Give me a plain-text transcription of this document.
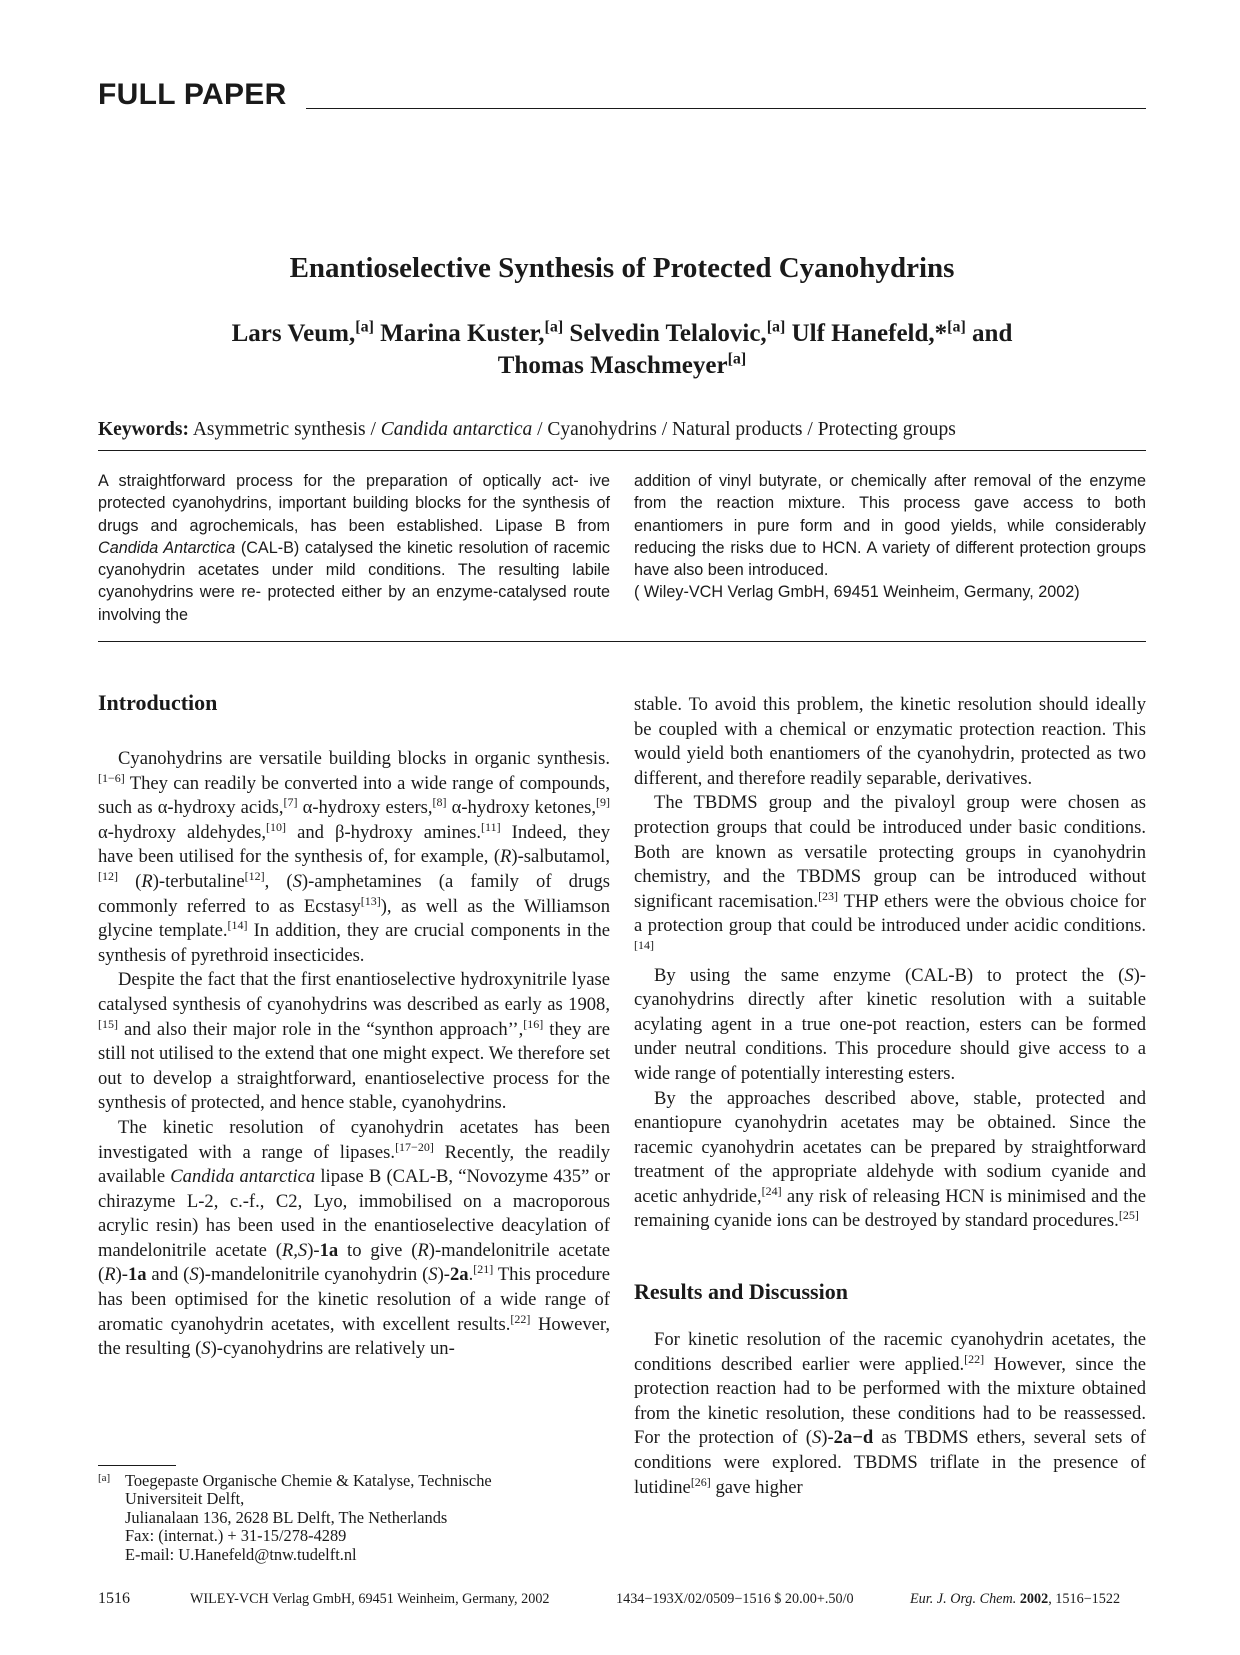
FULL PAPER
Enantioselective Synthesis of Protected Cyanohydrins
Lars Veum,[a] Marina Kuster,[a] Selvedin Telalovic,[a] Ulf Hanefeld,*[a] and
Thomas Maschmeyer[a]

Keywords: Asymmetric synthesis / Candida antarctica / Cyanohydrins / Natural products / Protecting groups

A straightforward process for the preparation of optically act- ive protected cyanohydrins, important building blocks for the synthesis of drugs and agrochemicals, has been established. Lipase B from Candida Antarctica (CAL-B) catalysed the kinetic resolution of racemic cyanohydrin acetates under mild conditions. The resulting labile cyanohydrins were re- protected either by an enzyme-catalysed route involving the

addition of vinyl butyrate, or chemically after removal of the enzyme from the reaction mixture. This process gave access to both enantiomers in pure form and in good yields, while considerably reducing the risks due to HCN. A variety of different protection groups have also been introduced.

( Wiley-VCH Verlag GmbH, 69451 Weinheim, Germany, 2002)

Introduction

Cyanohydrins are versatile building blocks in organic synthesis.[1−6] They can readily be converted into a wide range of compounds, such as α-hydroxy acids,[7] α-hydroxy esters,[8] α-hydroxy ketones,[9] α-hydroxy aldehydes,[10] and β-hydroxy amines.[11] Indeed, they have been utilised for the synthesis of, for example, (R)-salbutamol,[12] (R)-terbutaline[12], (S)-amphetamines (a family of drugs commonly referred to as Ecstasy[13]), as well as the Williamson glycine template.[14] In addition, they are crucial components in the synthesis of pyrethroid insecticides.

Despite the fact that the first enantioselective hydroxynitrile lyase catalysed synthesis of cyanohydrins was described as early as 1908,[15] and also their major role in the “synthon approach’’,[16] they are still not utilised to the extend that one might expect. We therefore set out to develop a straightforward, enantioselective process for the synthesis of protected, and hence stable, cyanohydrins.

The kinetic resolution of cyanohydrin acetates has been investigated with a range of lipases.[17−20] Recently, the readily available Candida antarctica lipase B (CAL-B, “Novozyme 435” or chirazyme L-2, c.-f., C2, Lyo, immobilised on a macroporous acrylic resin) has been used in the enantioselective deacylation of mandelonitrile acetate (R,S)-1a to give (R)-mandelonitrile acetate (R)-1a and (S)-mandelonitrile cyanohydrin (S)-2a.[21] This procedure has been optimised for the kinetic resolution of a wide range of aromatic cyanohydrin acetates, with excellent results.[22] However, the resulting (S)-cyanohydrins are relatively un-

stable. To avoid this problem, the kinetic resolution should ideally be coupled with a chemical or enzymatic protection reaction. This would yield both enantiomers of the cyanohydrin, protected as two different, and therefore readily separable, derivatives.

The TBDMS group and the pivaloyl group were chosen as protection groups that could be introduced under basic conditions. Both are known as versatile protecting groups in cyanohydrin chemistry, and the TBDMS group can be introduced without significant racemisation.[23] THP ethers were the obvious choice for a protection group that could be introduced under acidic conditions.[14]

By using the same enzyme (CAL-B) to protect the (S)-cyanohydrins directly after kinetic resolution with a suitable acylating agent in a true one-pot reaction, esters can be formed under neutral conditions. This procedure should give access to a wide range of potentially interesting esters.

By the approaches described above, stable, protected and enantiopure cyanohydrin acetates may be obtained. Since the racemic cyanohydrin acetates can be prepared by straightforward treatment of the appropriate aldehyde with sodium cyanide and acetic anhydride,[24] any risk of releasing HCN is minimised and the remaining cyanide ions can be destroyed by standard procedures.[25]

Results and Discussion

For kinetic resolution of the racemic cyanohydrin acetates, the conditions described earlier were applied.[22] However, since the protection reaction had to be performed with the mixture obtained from the kinetic resolution, these conditions had to be reassessed. For the protection of (S)-2a−d as TBDMS ethers, several sets of conditions were explored. TBDMS triflate in the presence of lutidine[26] gave higher

[a] Toegepaste Organische Chemie & Katalyse, Technische
Universiteit Delft,
Julianalaan 136, 2628 BL Delft, The Netherlands
Fax: (internat.) + 31-15/278-4289
E-mail: U.Hanefeld@tnw.tudelft.nl
1516	WILEY-VCH Verlag GmbH, 69451 Weinheim, Germany, 2002	1434−193X/02/0509−1516 $ 20.00+.50/0	Eur. J. Org. Chem. 2002, 1516−1522
